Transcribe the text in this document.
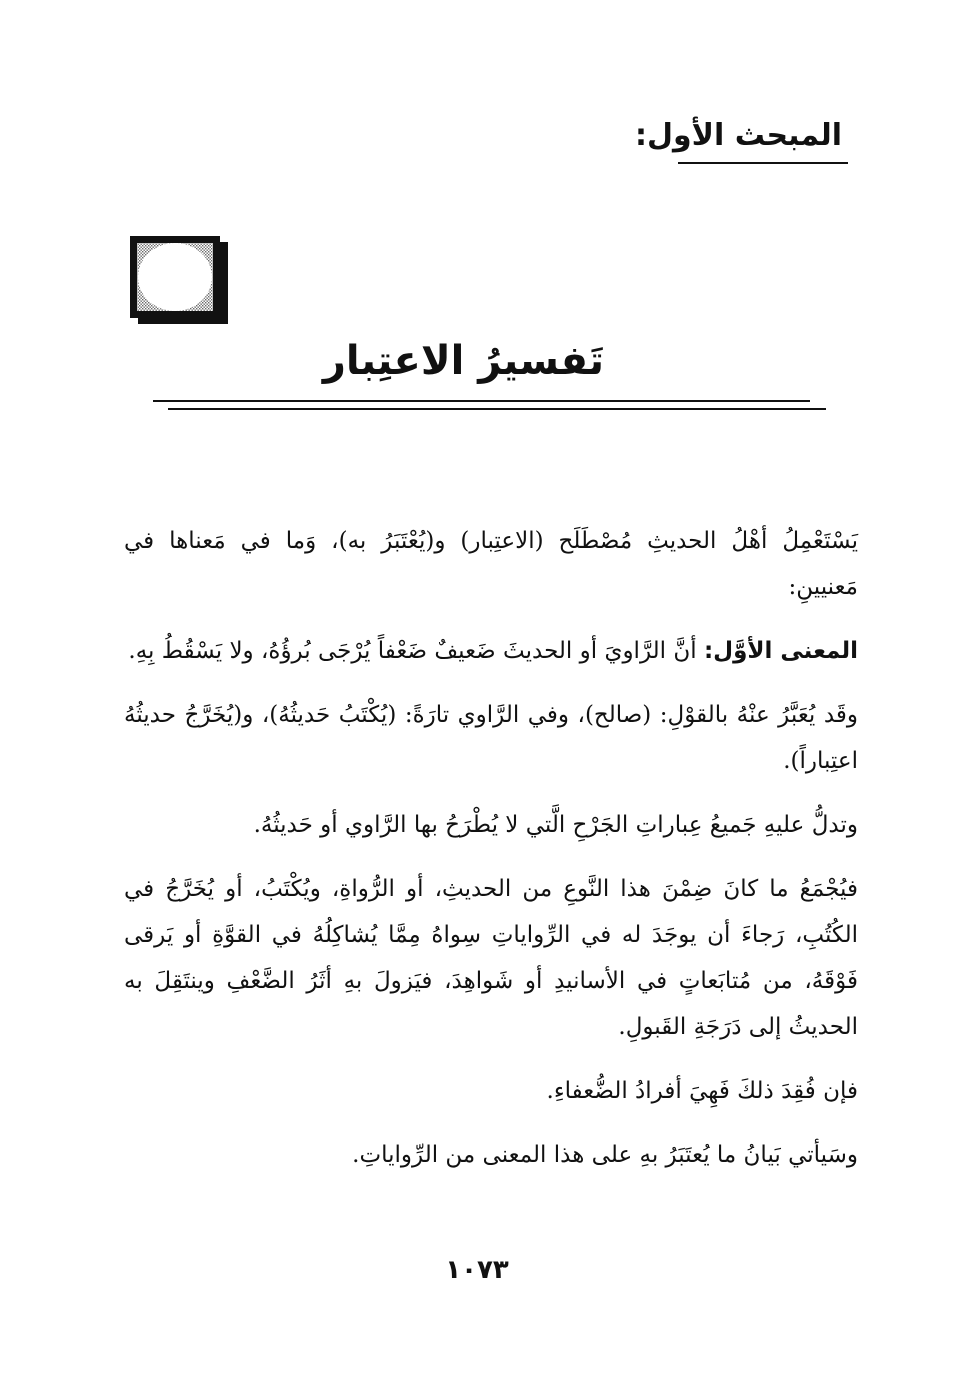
المبحث الأول:
تَفسيرُ الاعتِبار

يَسْتَعْمِلُ أهْلُ الحديثِ مُصْطَلَح (الاعتِبار) و(يُعْتَبَرُ به)، وَما في مَعناها في مَعنيينِ:

المعنى الأوَّل: أنَّ الرَّاويَ أو الحديثَ ضَعيفٌ ضَعْفاً يُرْجَى بُرؤُهُ، ولا يَسْقُطُ بِهِ.

وقَد يُعَبَّرُ عنْهُ بالقوْلِ: (صالح)، وفي الرَّاوي تارَةً: (يُكْتَبُ حَديثُهُ)، و(يُخَرَّجُ حديثُهُ اعتِباراً).

وتدلُّ عليهِ جَميعُ عِباراتِ الجَرْحِ الَّتي لا يُطْرَحُ بها الرَّاوي أو حَديثُهُ.

فيُجْمَعُ ما كانَ ضِمْنَ هذا النَّوعِ من الحديثِ، أو الرُّواةِ، ويُكْتَبُ، أو يُخَرَّجُ في الكُتُبِ، رَجاءَ أن يوجَدَ له في الرِّواياتِ سِواهُ مِمَّا يُشاكِلُهُ في القوَّةِ أو يَرقى فَوْقَهُ، من مُتابَعاتٍ في الأسانيدِ أو شَواهِدَ، فيَزولَ بهِ أثَرُ الضَّعْفِ وينتَقِلَ به الحديثُ إلى دَرَجَةِ القَبولِ.

فإن فُقِدَ ذلكَ فَهِيَ أفرادُ الضُّعفاءِ.

وسَيأتي بَيانُ ما يُعتَبَرُ بهِ على هذا المعنى من الرِّواياتِ.

١٠٧٣
